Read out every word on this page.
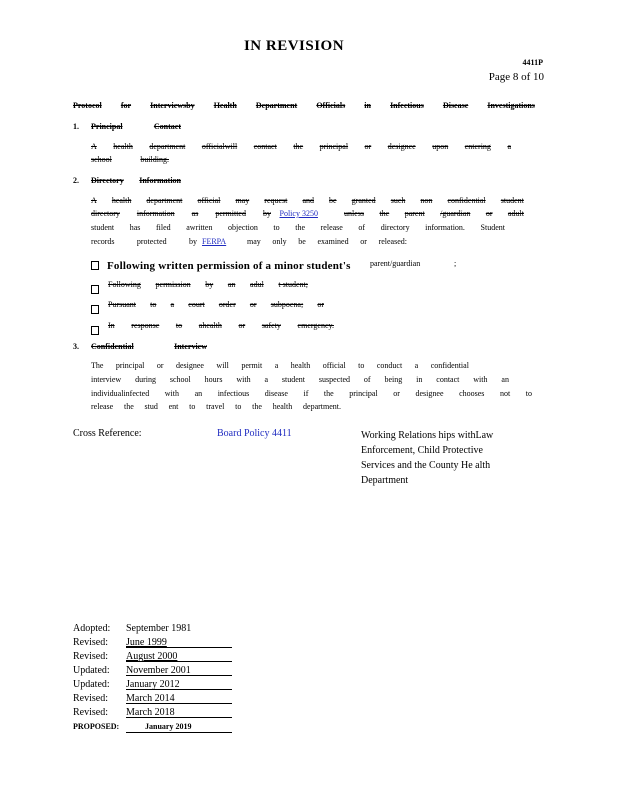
IN REVISION
4411P
Page 8 of 10
Protocol for Interviewsby Health Department Officials in Infectious Disease Investigations
1. Principal	Contact
A health department officialwill contact the principal or designee upon entering a
school	building.
2. Directory Information
A health department official may request and be granted such non confidential student
directory information as permitted by Policy 3250	unless the parent /guardian or adult
student has filed awritten objection to the release of directory information. Student
records	protected	by FERPA	may only be examined or released:
Following written permission of a minor student's parent/guardian	;
Following permission by an adul t student;
Pursuant to a court order or subpoena; or
In response to ahealth or safety emergency.
3. Confidential	Interview
The principal or designee will permit a health official to conduct a confidential
interview during school hours with a student suspected of being in contact with an
individualinfected with an infectious disease if the principal or designee chooses not to
release the stud ent to travel to the health department.
Cross Reference:	Board Policy 4411	Working Relations hips withLaw
Enforcement, Child Protective
Services and the County He alth
Department
Adopted: September 1981
Revised: June 1999
Revised: August 2000
Updated: November 2001
Updated: January 2012
Revised: March 2014
Revised: March 2018
PROPOSED:	January 2019
